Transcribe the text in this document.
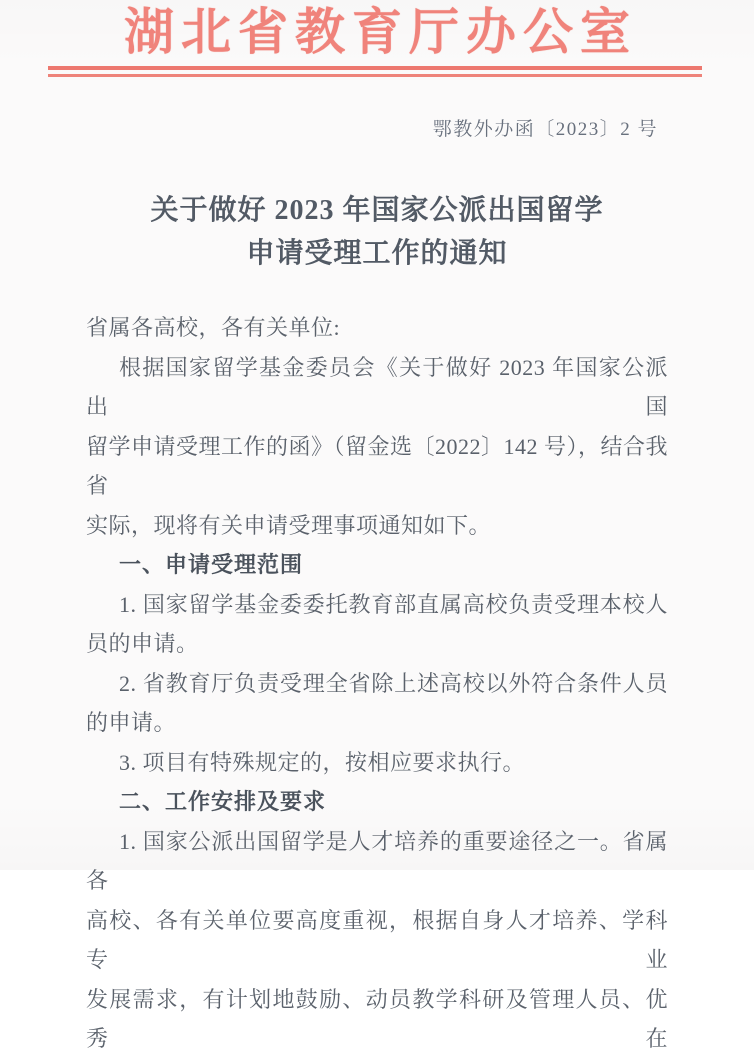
湖北省教育厅办公室
鄂教外办函〔2023〕2 号
关于做好 2023 年国家公派出国留学
申请受理工作的通知

省属各高校，各有关单位:

根据国家留学基金委员会《关于做好 2023 年国家公派出国

留学申请受理工作的函》（留金选〔2022〕142 号），结合我省

实际，现将有关申请受理事项通知如下。

一、申请受理范围

1. 国家留学基金委委托教育部直属高校负责受理本校人

员的申请。

2. 省教育厅负责受理全省除上述高校以外符合条件人员

的申请。

3. 项目有特殊规定的，按相应要求执行。

二、工作安排及要求

1. 国家公派出国留学是人才培养的重要途径之一。省属各

高校、各有关单位要高度重视，根据自身人才培养、学科专业

发展需求，有计划地鼓励、动员教学科研及管理人员、优秀在
